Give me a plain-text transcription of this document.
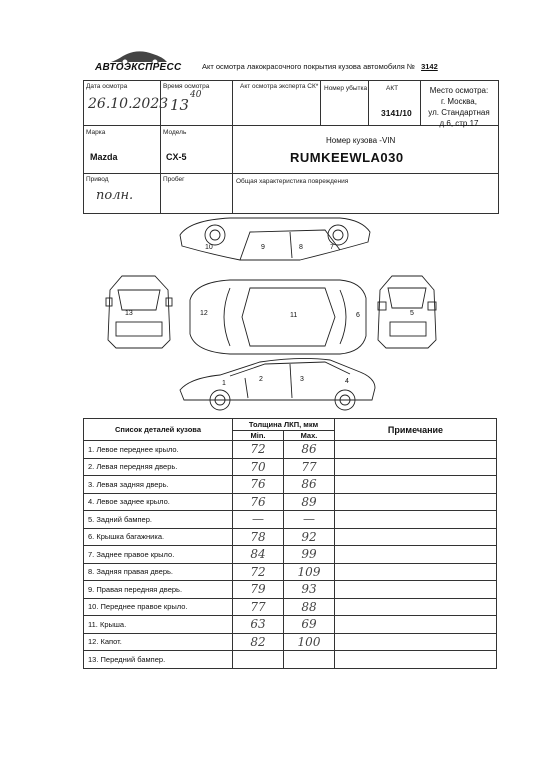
АВТОЭКСПРЕСС	Акт осмотра лакокрасочного покрытия кузова автомобиля № 3142
Дата осмотра
26.10.2023
Время осмотра
13
40
Акт осмотра эксперта СК* Номер убытка	АКТ
3141/10
Место осмотра:
г. Москва,
ул. Стандартная
д.6, стр.17
Марка
Mazda
Модель
CX-5
Номер кузова -VIN
RUMKEEWLA030
Привод
полн.
Пробег	Общая характеристика повреждения
10	9	8	7
13	12	11	6	5
1
2	3	4
Список деталей кузова	Толщина ЛКП, мкм		Примечание
	Min.	Max.	
1. Левое переднее крыло.	72	86	
2. Левая передняя дверь.	70	77	
3. Левая задняя дверь.	76	86	
4. Левое заднее крыло.	76	89	
5. Задний бампер.	—	—	
6. Крышка багажника.	78	92	
7. Заднее правое крыло.	84	99	
8. Задняя правая дверь.	72	109	
9. Правая передняя дверь.	79	93	
10. Переднее правое крыло.	77	88	
11. Крыша.	63	69	
12. Капот.	82	100	
13. Передний бампер.			
